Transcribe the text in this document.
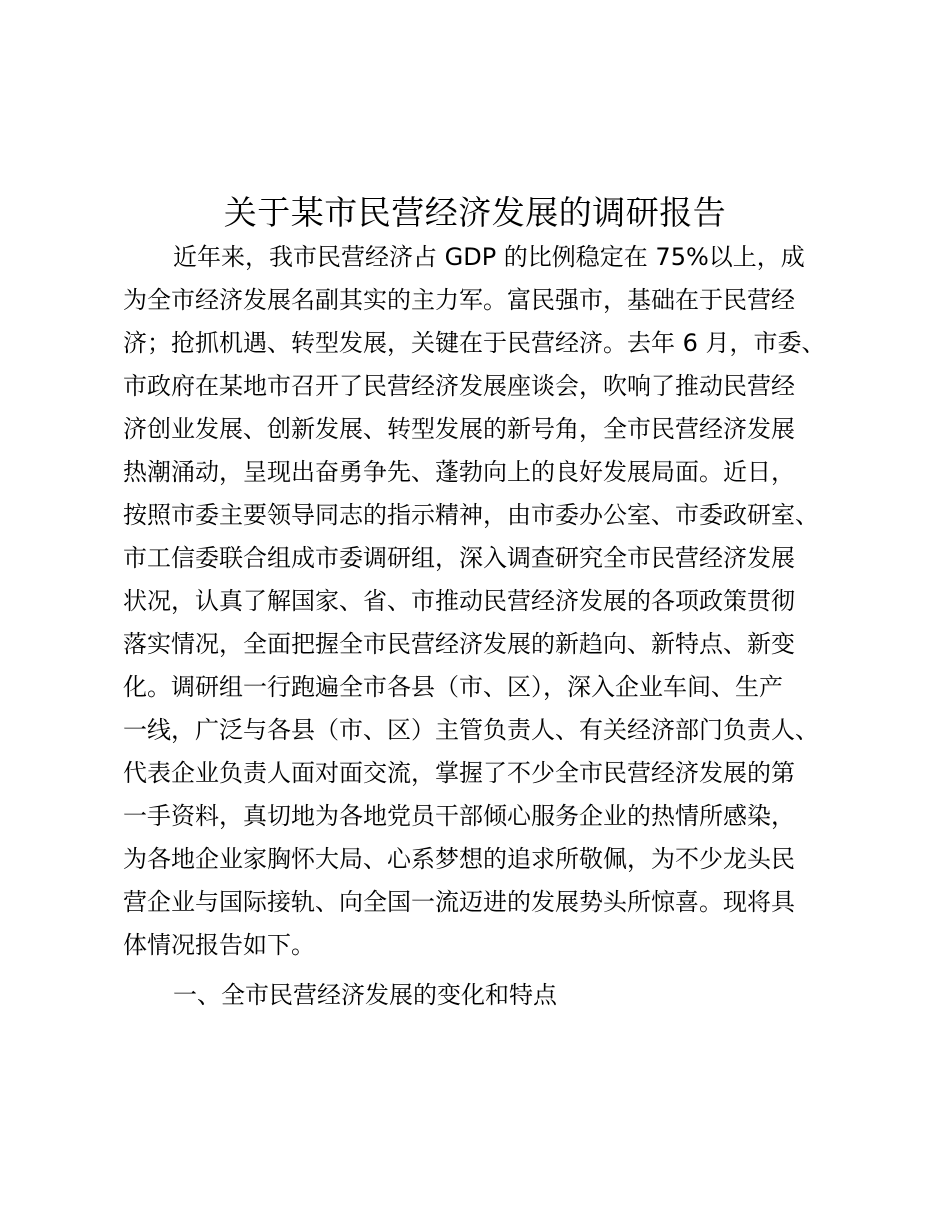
关于某市民营经济发展的调研报告
近年来，我市民营经济占 GDP 的比例稳定在 75%以上，成
为全市经济发展名副其实的主力军。富民强市，基础在于民营经
济；抢抓机遇、转型发展，关键在于民营经济。去年 6 月，市委、
市政府在某地市召开了民营经济发展座谈会，吹响了推动民营经
济创业发展、创新发展、转型发展的新号角，全市民营经济发展
热潮涌动，呈现出奋勇争先、蓬勃向上的良好发展局面。近日，
按照市委主要领导同志的指示精神，由市委办公室、市委政研室、
市工信委联合组成市委调研组，深入调查研究全市民营经济发展
状况，认真了解国家、省、市推动民营经济发展的各项政策贯彻
落实情况，全面把握全市民营经济发展的新趋向、新特点、新变
化。调研组一行跑遍全市各县（市、区），深入企业车间、生产
一线，广泛与各县（市、区）主管负责人、有关经济部门负责人、
代表企业负责人面对面交流，掌握了不少全市民营经济发展的第
一手资料，真切地为各地党员干部倾心服务企业的热情所感染，
为各地企业家胸怀大局、心系梦想的追求所敬佩，为不少龙头民
营企业与国际接轨、向全国一流迈进的发展势头所惊喜。现将具
体情况报告如下。
一、全市民营经济发展的变化和特点
